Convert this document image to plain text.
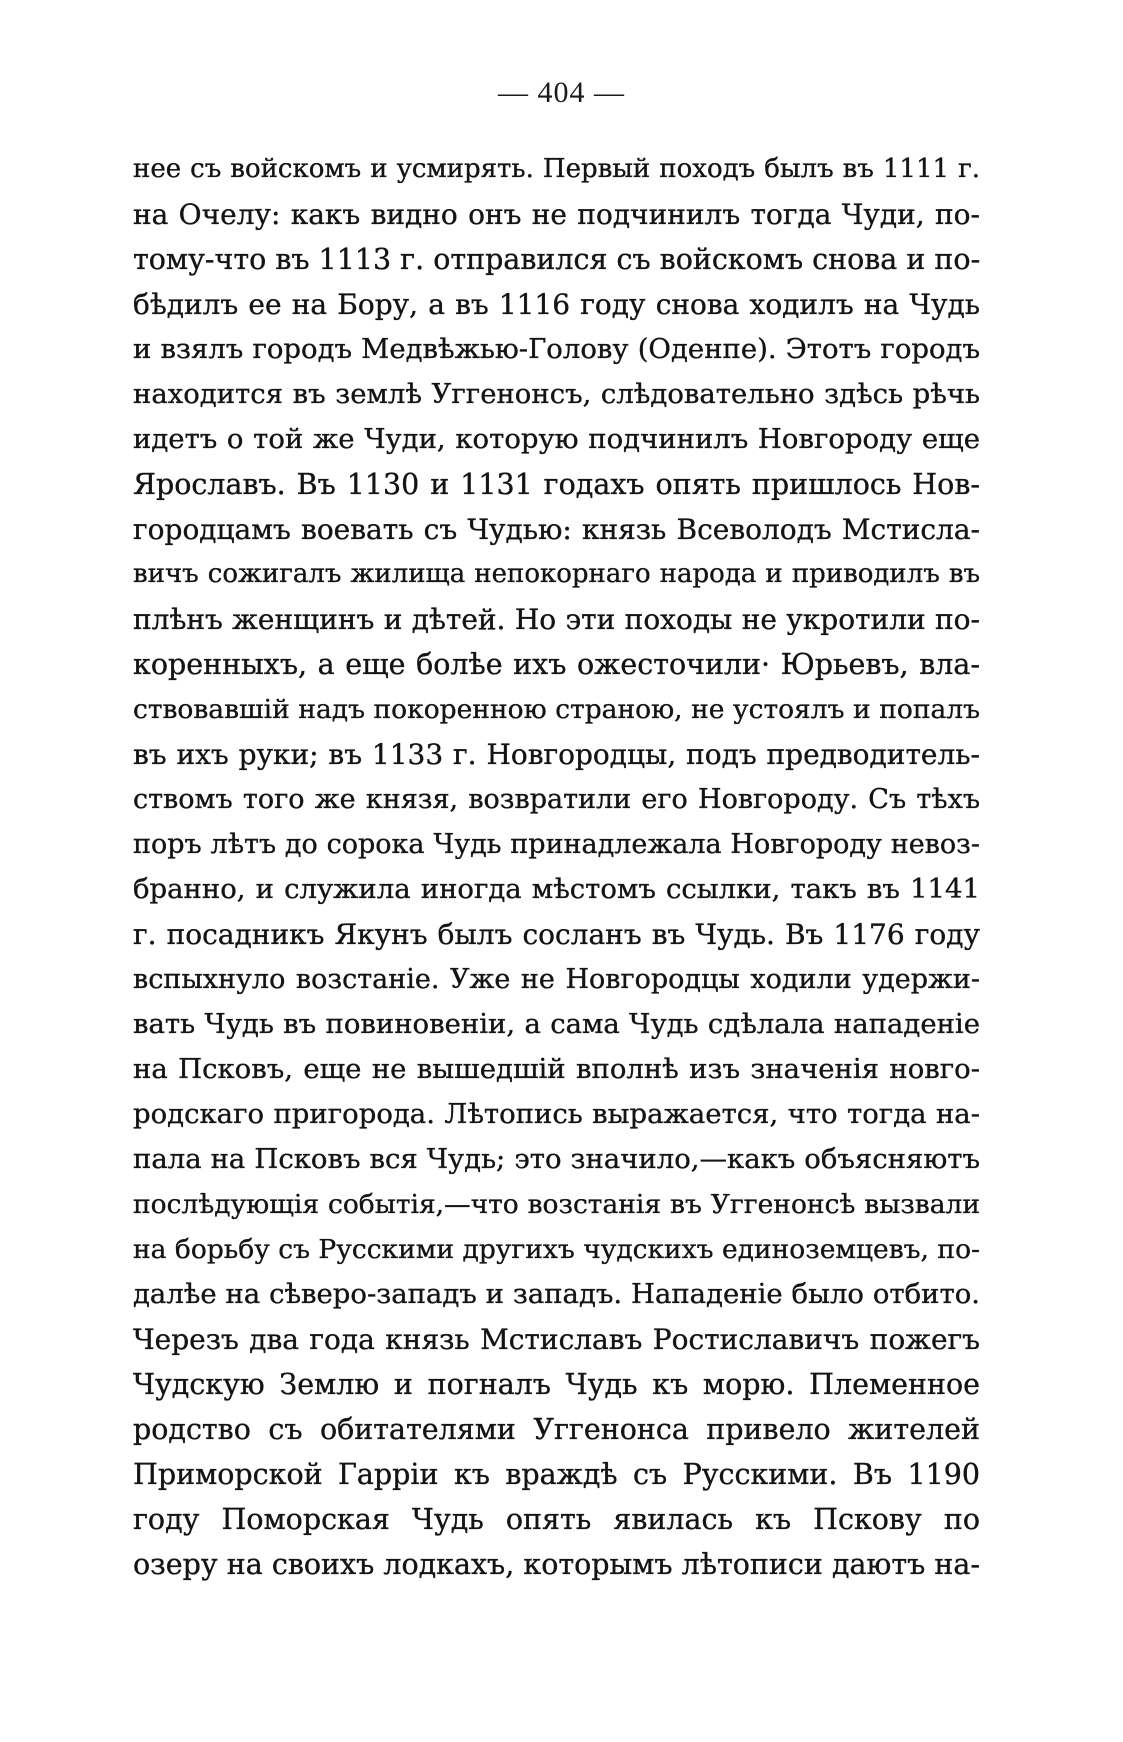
— 404 —
нее съ войскомъ и усмирять. Первый походъ былъ въ 1111 г.
на Очелу: какъ видно онъ не подчинилъ тогда Чуди, по-
тому-что въ 1113 г. отправился съ войскомъ снова и по-
бѣдилъ ее на Бору, а въ 1116 году снова ходилъ на Чудь
и взялъ городъ Медвѣжью-Голову (Оденпе). Этотъ городъ
находится въ землѣ Уггенонсъ, слѣдовательно здѣсь рѣчь
идетъ о той же Чуди, которую подчинилъ Новгороду еще
Ярославъ. Въ 1130 и 1131 годахъ опять пришлось Нов-
городцамъ воевать съ Чудью: князь Всеволодъ Мстисла-
вичъ сожигалъ жилища непокорнаго народа и приводилъ въ
плѣнъ женщинъ и дѣтей. Но эти походы не укротили по-
коренныхъ, а еще болѣе ихъ ожесточили· Юрьевъ, вла-
ствовавшій надъ покоренною страною, не устоялъ и попалъ
въ ихъ руки; въ 1133 г. Новгородцы, подъ предводитель-
ствомъ того же князя, возвратили его Новгороду. Съ тѣхъ
поръ лѣтъ до сорока Чудь принадлежала Новгороду невоз-
бранно, и служила иногда мѣстомъ ссылки, такъ въ 1141
г. посадникъ Якунъ былъ сосланъ въ Чудь. Въ 1176 году
вспыхнуло возстаніе. Уже не Новгородцы ходили удержи-
вать Чудь въ повиновеніи, а сама Чудь сдѣлала нападеніе
на Псковъ, еще не вышедшій вполнѣ изъ значенія новго-
родскаго пригорода. Лѣтопись выражается, что тогда на-
пала на Псковъ вся Чудь; это значило,—какъ объясняютъ
послѣдующія событія,—что возстанія въ Уггенонсѣ вызвали
на борьбу съ Русскими другихъ чудскихъ единоземцевъ, по-
далѣе на сѣверо-западъ и западъ. Нападеніе было отбито.
Черезъ два года князь Мстиславъ Ростиславичъ пожегъ
Чудскую Землю и погналъ Чудь къ морю. Племенное
родство съ обитателями Уггенонса привело жителей
Приморской Гарріи къ враждѣ съ Русскими. Въ 1190
году Поморская Чудь опять явилась къ Пскову по
озеру на своихъ лодкахъ, которымъ лѣтописи даютъ на-
